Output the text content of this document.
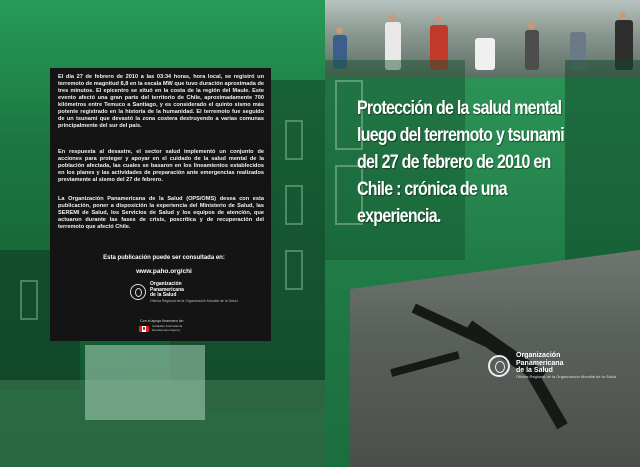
El día 27 de febrero de 2010 a las 03:34 horas, hora local, se registró un terremoto de magnitud 8,8 en la escala MW que tuvo duración aproximada de tres minutos. El epicentro se situó en la costa de la región del Maule. Este evento afectó una gran parte del territorio de Chile, aproximadamente 700 kilómetros entre Temuco a Santiago, y es considerado el quinto sismo más potente registrado en la historia de la humanidad. El terremoto fue seguido de un tsunami que devastó la zona costera destruyendo a varias comunas principalmente del sur del país.

En respuesta al desastre, el sector salud implementó un conjunto de acciones para proteger y apoyar en el cuidado de la salud mental de la población afectada, las cuales se basaron en los lineamientos establecidos en los planes y las actividades de preparación ante emergencias realizados previamente al sismo del 27 de febrero.

La Organización Panamericana de la Salud (OPS/OMS) desea con esta publicación, poner a disposición la experiencia del Ministerio de Salud, las SEREMI de Salud, los Servicios de Salud y los equipos de atención, que actuaron durante las fases de crisis, poscrítica y de recuperación del terremoto que afectó Chile.

Esta publicación puede ser consultada en:
www.paho.org/chi
Organización
Panamericana
de la Salud
Oficina Regional de la Organización Mundial de la Salud
Con el apoyo financiero de:
Canadian International
Development Agency
Protección de la salud mental luego del terremoto y tsunami del 27 de febrero de 2010 en Chile : crónica de una experiencia.
Organización
Panamericana
de la Salud
Oficina Regional de la Organización Mundial de la Salud
